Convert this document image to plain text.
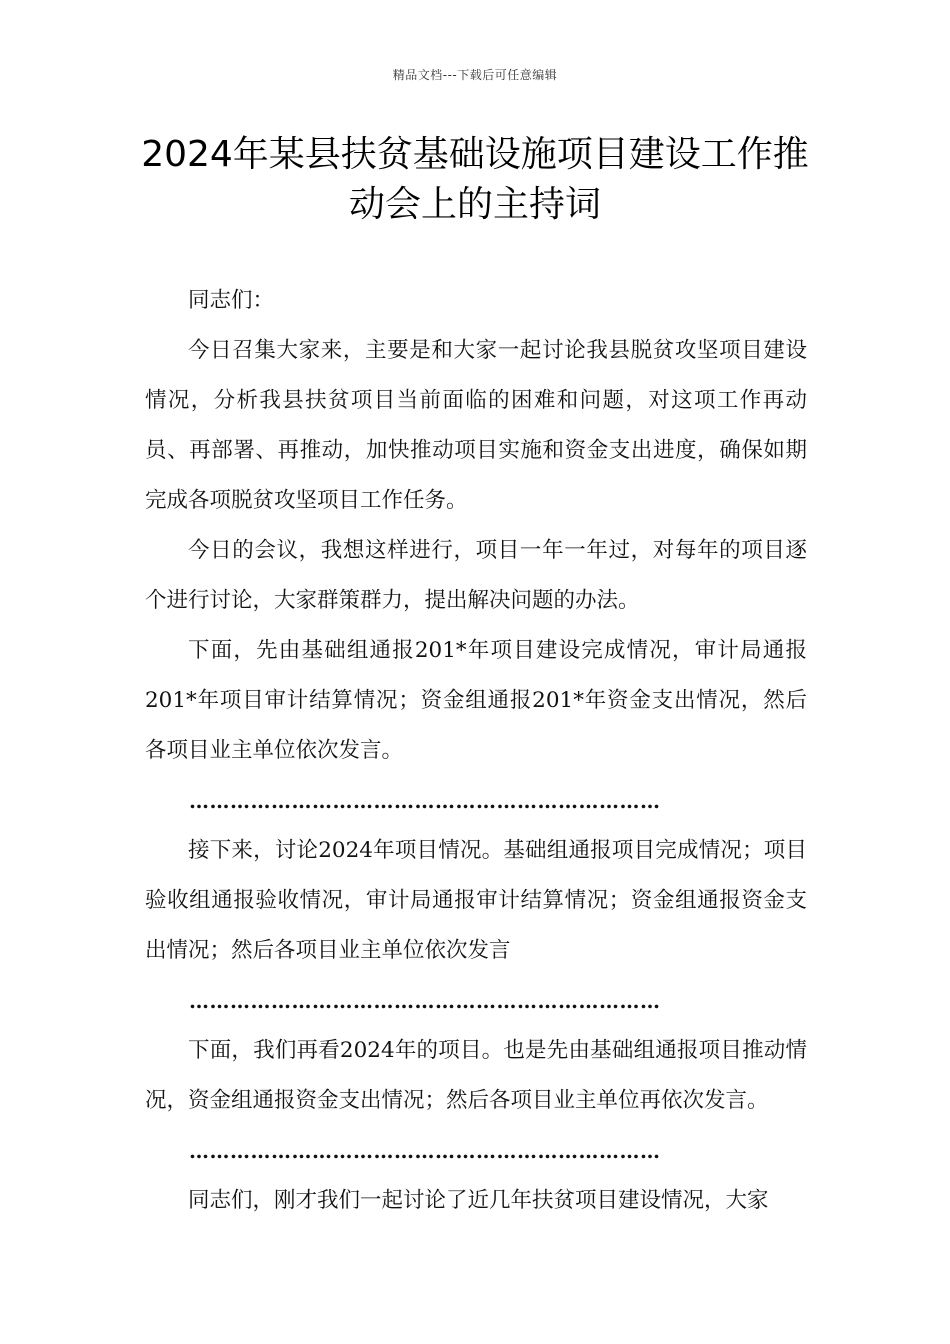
精品文档---下载后可任意编辑
2024年某县扶贫基础设施项目建设工作推动会上的主持词

同志们：

今日召集大家来，主要是和大家一起讨论我县脱贫攻坚项目建设情况，分析我县扶贫项目当前面临的困难和问题，对这项工作再动员、再部署、再推动，加快推动项目实施和资金支出进度，确保如期完成各项脱贫攻坚项目工作任务。

今日的会议，我想这样进行，项目一年一年过，对每年的项目逐个进行讨论，大家群策群力，提出解决问题的办法。

下面，先由基础组通报201*年项目建设完成情况，审计局通报201*年项目审计结算情况；资金组通报201*年资金支出情况，然后各项目业主单位依次发言。

……………………………………………………………

接下来，讨论2024年项目情况。基础组通报项目完成情况；项目验收组通报验收情况，审计局通报审计结算情况；资金组通报资金支出情况；然后各项目业主单位依次发言

……………………………………………………………

下面，我们再看2024年的项目。也是先由基础组通报项目推动情况，资金组通报资金支出情况；然后各项目业主单位再依次发言。

……………………………………………………………

同志们，刚才我们一起讨论了近几年扶贫项目建设情况，大家
